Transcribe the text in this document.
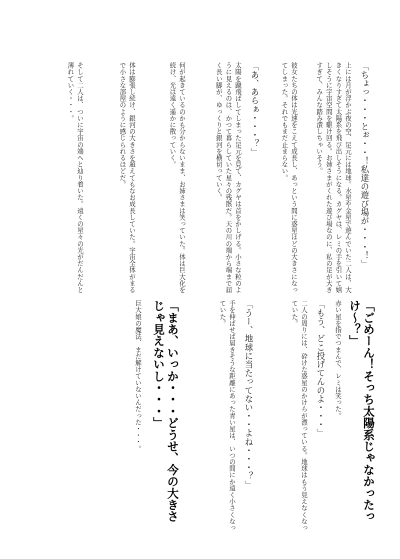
「ちょっ・・・とぉ・・！私達の遊び場が・・・！」
上には月が浮かぶ夜の空、足元には地球。水星や金星で遊んでいた二人は、大きくなりすぎて太陽系を飛び出しそうになる。カグヤは、レミの手を引いて嬉しそうに宇宙空間を駆け回る。お姉さまがくれた遊び場なのに、私の足が大きすぎて、みんな踏み潰しちゃいそう。
彼女たちの体は光速をこえて成長し、あっという間に惑星ほどの大きさになってしまった。それでもまだ止まらない。
「あ、あらぁ・・・？」
太陽を蹴飛ばしてしまった足元を見て、カグヤは首をかしげる。小さな粒のように見えるのは、かつて暮らしていた星々の残骸だ。天の川の端から端まで届く長い脚が、ゆっくりと銀河を横切っていく。
何が起きているのかも分からないまま、お姉さまは笑っていた。体は巨大化を続け、光は遠く遥かに散っていく。
体は膨張し続け、銀河の大きさを超えてもなお成長していた。宇宙全体がまるで小さな部屋のように感じられるほどだ。
そして二人は、ついに宇宙の端へと辿り着いた。遠くの星々の光がだんだんと薄れていく・・・。
「ごめーん！そっち太陽系じゃなかったっけ〜？」
赤い星を指でつまんで、レミは笑った。
「もう、どこ投げてんのよ・・・」
二人の周りには、砕けた惑星のかけらが漂っている。地球はもう見えなくなっていた。
「うー、地球に当たってない・・よね・・・？」
手を伸ばせば届きそうな距離にあった青い星は、いつの間にか遠く小さくなっていた。
「まあ、いっか・・・どうせ、今の大きさじゃ見えないし・・・」
巨大娘の魔法、まだ解けていないんだった・・・。
